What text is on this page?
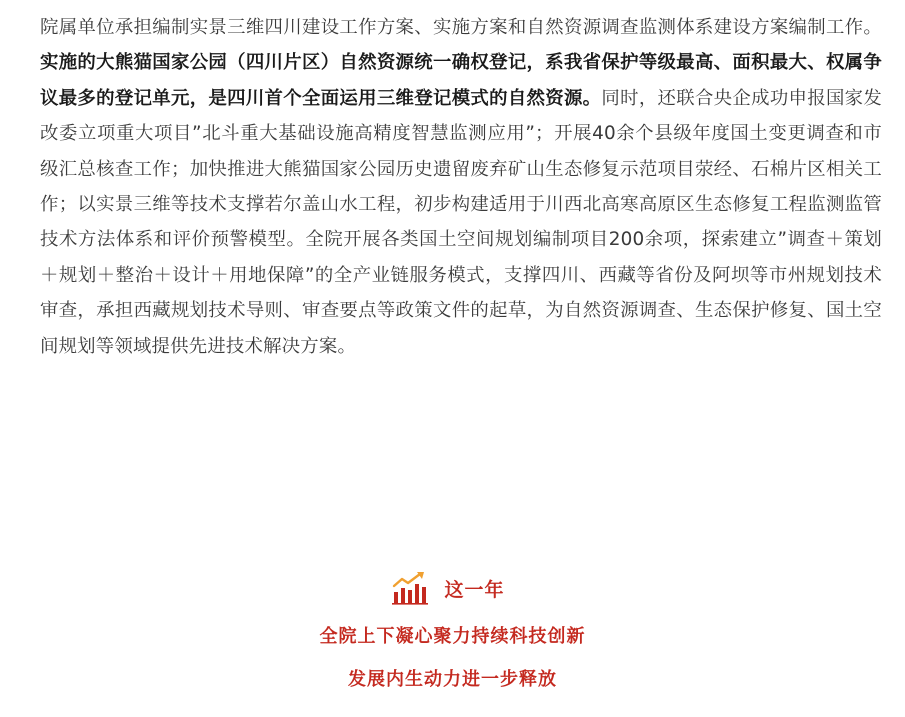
院属单位承担编制实景三维四川建设工作方案、实施方案和自然资源调查监测体系建设方案编制工作。实施的大熊猫国家公园（四川片区）自然资源统一确权登记，系我省保护等级最高、面积最大、权属争议最多的登记单元，是四川首个全面运用三维登记模式的自然资源。同时，还联合央企成功申报国家发改委立项重大项目”北斗重大基础设施高精度智慧监测应用”；开展40余个县级年度国土变更调查和市级汇总核查工作；加快推进大熊猫国家公园历史遗留废弃矿山生态修复示范项目荥经、石棉片区相关工作；以实景三维等技术支撑若尔盖山水工程，初步构建适用于川西北高寒高原区生态修复工程监测监管技术方法体系和评价预警模型。全院开展各类国土空间规划编制项目200余项，探索建立”调查＋策划＋规划＋整治＋设计＋用地保障”的全产业链服务模式，支撑四川、西藏等省份及阿坝等市州规划技术审查，承担西藏规划技术导则、审查要点等政策文件的起草，为自然资源调查、生态保护修复、国土空间规划等领域提供先进技术解决方案。

这一年
全院上下凝心聚力持续科技创新
发展内生动力进一步释放
